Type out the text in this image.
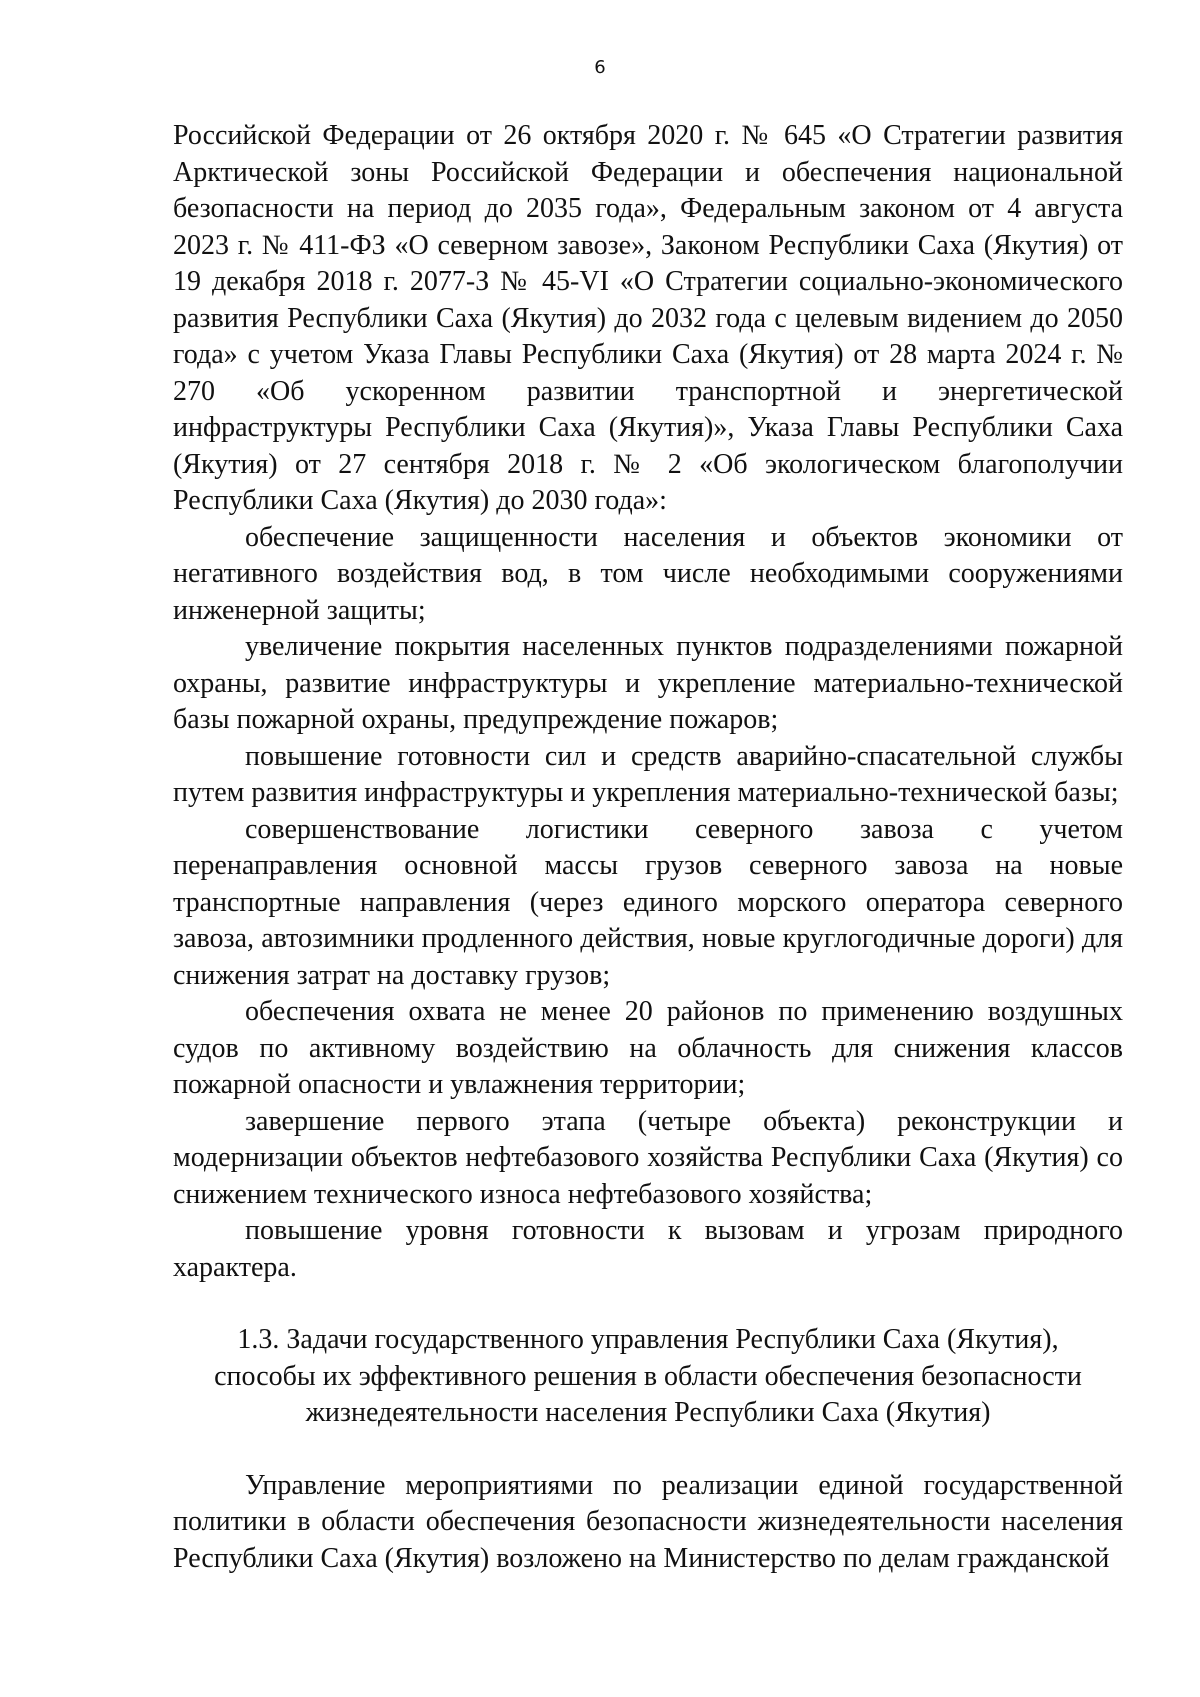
6

Российской Федерации от 26 октября 2020 г. № 645 «О Стратегии развития Арктической зоны Российской Федерации и обеспечения национальной безопасности на период до 2035 года», Федеральным законом от 4 августа 2023 г. № 411-ФЗ «О северном завозе», Законом Республики Саха (Якутия) от 19 декабря 2018 г. 2077-З № 45-VI «О Стратегии социально-экономического развития Республики Саха (Якутия) до 2032 года с целевым видением до 2050 года» с учетом Указа Главы Республики Саха (Якутия) от 28 марта 2024 г. № 270 «Об ускоренном развитии транспортной и энергетической инфраструктуры Республики Саха (Якутия)», Указа Главы Республики Саха (Якутия) от 27 сентября 2018 г. № 2 «Об экологическом благополучии Республики Саха (Якутия) до 2030 года»:

обеспечение защищенности населения и объектов экономики от негативного воздействия вод, в том числе необходимыми сооружениями инженерной защиты;

увеличение покрытия населенных пунктов подразделениями пожарной охраны, развитие инфраструктуры и укрепление материально-технической базы пожарной охраны, предупреждение пожаров;

повышение готовности сил и средств аварийно-спасательной службы путем развития инфраструктуры и укрепления материально-технической базы;

совершенствование логистики северного завоза с учетом перенаправления основной массы грузов северного завоза на новые транспортные направления (через единого морского оператора северного завоза, автозимники продленного действия, новые круглогодичные дороги) для снижения затрат на доставку грузов;

обеспечения охвата не менее 20 районов по применению воздушных судов по активному воздействию на облачность для снижения классов пожарной опасности и увлажнения территории;

завершение первого этапа (четыре объекта) реконструкции и модернизации объектов нефтебазового хозяйства Республики Саха (Якутия) со снижением технического износа нефтебазового хозяйства;

повышение уровня готовности к вызовам и угрозам природного характера.

1.3. Задачи государственного управления Республики Саха (Якутия),
способы их эффективного решения в области обеспечения безопасности
жизнедеятельности населения Республики Саха (Якутия)

Управление мероприятиями по реализации единой государственной политики в области обеспечения безопасности жизнедеятельности населения Республики Саха (Якутия) возложено на Министерство по делам гражданской
